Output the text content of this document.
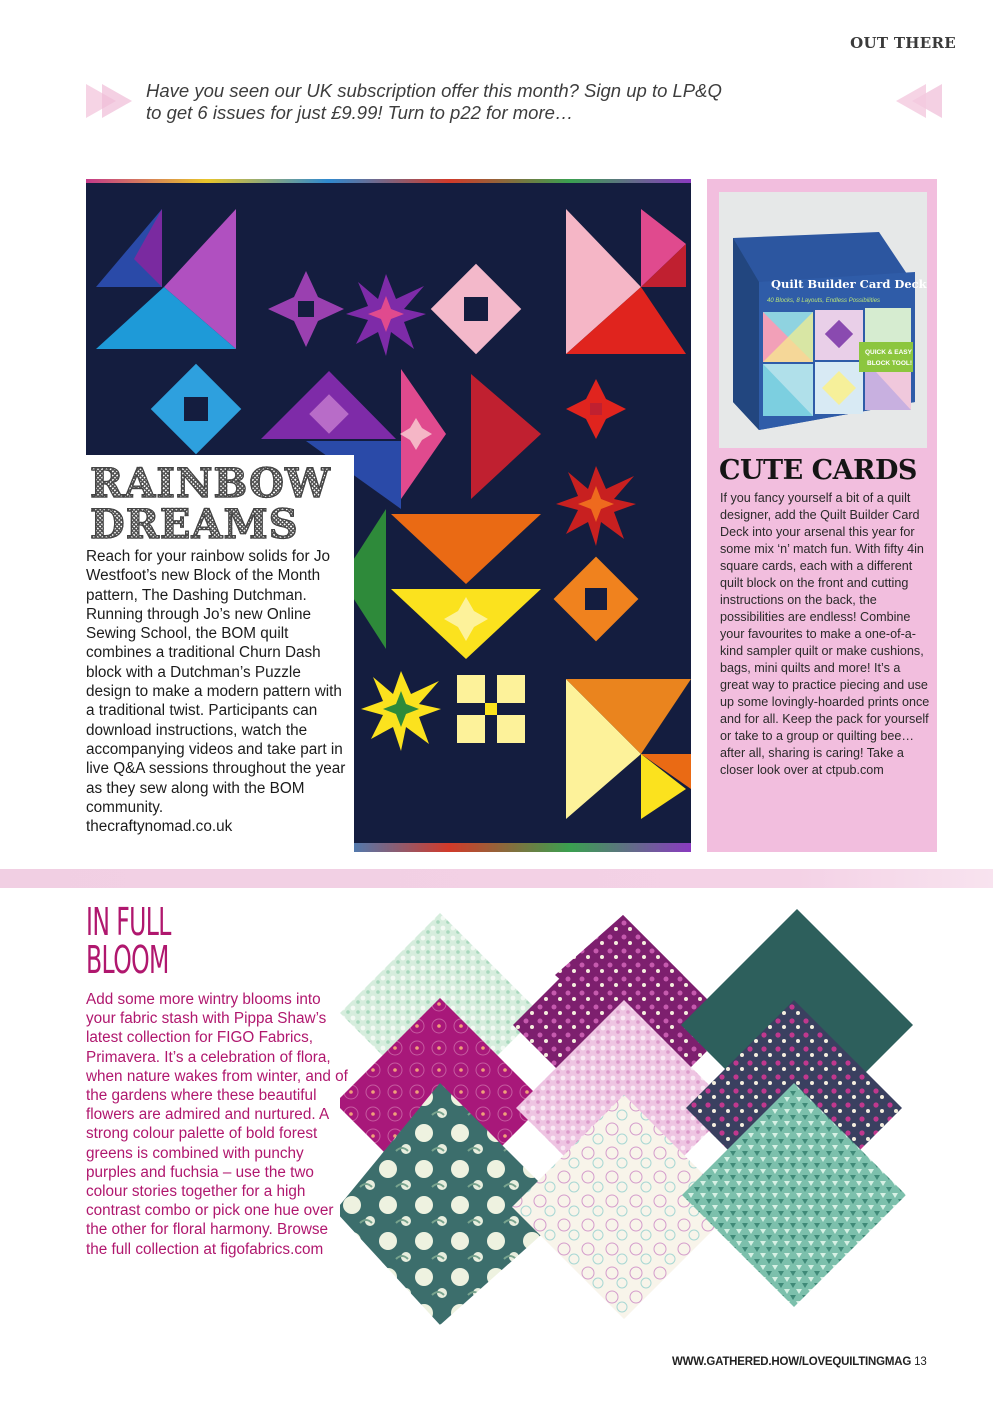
OUT THERE
Have you seen our UK subscription offer this month? Sign up to LP&Q
to get 6 issues for just £9.99! Turn to p22 for more…
RAINBOW
DREAMS
Reach for your rainbow solids for Jo Westfoot’s new Block of the Month pattern, The Dashing Dutchman. Running through Jo’s new Online Sewing School, the BOM quilt combines a traditional Churn Dash block with a Dutchman’s Puzzle design to make a modern pattern with a traditional twist. Participants can download instructions, watch the accompanying videos and take part in live Q&A sessions throughout the year as they sew along with the BOM community.
thecraftynomad.co.uk
Quilt Builder Card Deck
40 Blocks, 8 Layouts, Endless Possibilities
QUICK & EASY
BLOCK TOOL!
CUTE CARDS
If you fancy yourself a bit of a quilt designer, add the Quilt Builder Card Deck into your arsenal this year for some mix ‘n’ match fun. With fifty 4in square cards, each with a different quilt block on the front and cutting instructions on the back, the possibilities are endless! Combine your favourites to make a one-of-a-kind sampler quilt or make cushions, bags, mini quilts and more! It’s a great way to practice piecing and use up some lovingly-hoarded prints once and for all. Keep the pack for yourself or take to a group or quilting bee… after all, sharing is caring! Take a closer look over at ctpub.com
IN FULL
BLOOM
Add some more wintry blooms into your fabric stash with Pippa Shaw’s latest collection for FIGO Fabrics, Primavera. It’s a celebration of flora, when nature wakes from winter, and of the gardens where these beautiful flowers are admired and nurtured. A strong colour palette of bold forest greens is combined with punchy purples and fuchsia – use the two colour stories together for a high contrast combo or pick one hue over the other for floral harmony. Browse the full collection at figofabrics.com
WWW.GATHERED.HOW/LOVEQUILTINGMAG 13
